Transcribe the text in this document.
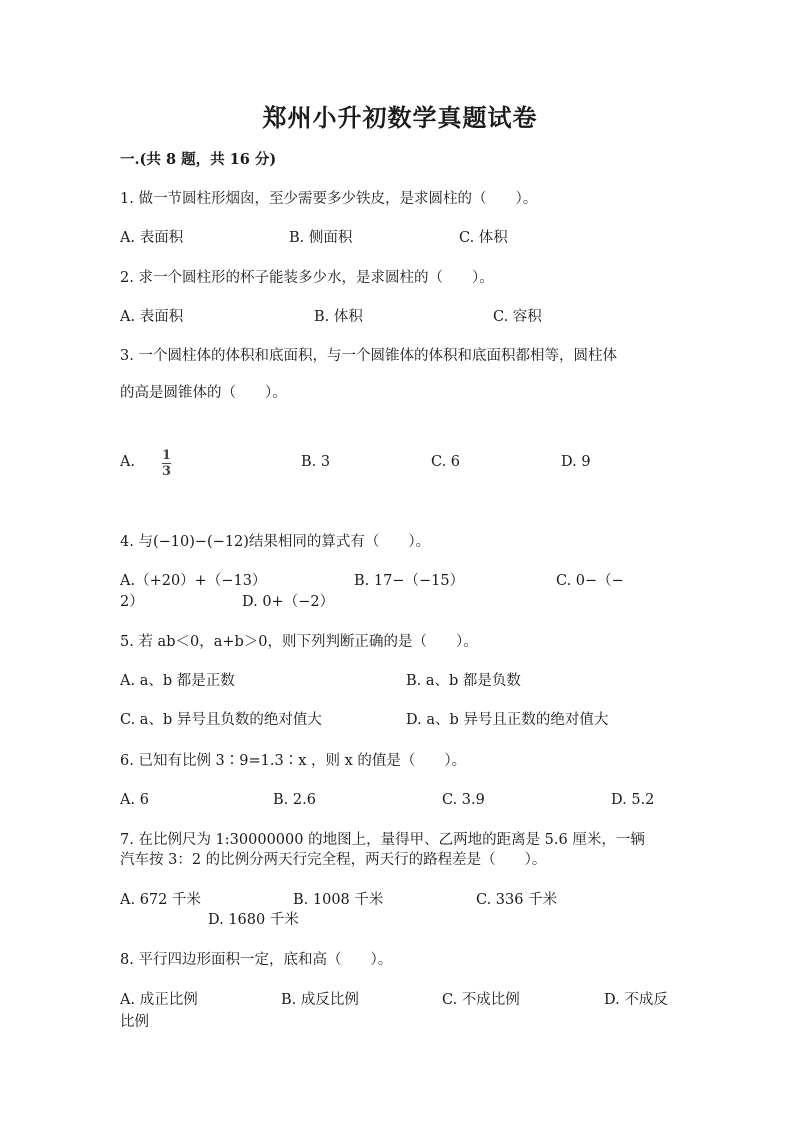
郑州小升初数学真题试卷
一.(共 8 题，共 16 分)
1. 做一节圆柱形烟囱，至少需要多少铁皮，是求圆柱的（　　）。
A. 表面积	B. 侧面积	C. 体积
2. 求一个圆柱形的杯子能装多少水，是求圆柱的（　　）。
A. 表面积	B. 体积	C. 容积
3. 一个圆柱体的体积和底面积，与一个圆锥体的体积和底面积都相等，圆柱体
的高是圆锥体的（　　）。
A. 1
3
B. 3	C. 6	D. 9
4. 与(−10)−(−12)结果相同的算式有（　　）。
A.（+20）+（−13）	B. 17−（−15）	C. 0−（−
2）	D. 0+（−2）
5. 若 ab＜0，a+b＞0，则下列判断正确的是（　　）。
A. a、b 都是正数	B. a、b 都是负数
C. a、b 异号且负数的绝对值大	D. a、b 异号且正数的绝对值大
6. 已知有比例 3∶9=1.3∶x ，则 x 的值是（　　）。
A. 6	B. 2.6	C. 3.9	D. 5.2
7. 在比例尺为 1:30000000 的地图上，量得甲、乙两地的距离是 5.6 厘米，一辆
汽车按 3：2 的比例分两天行完全程，两天行的路程差是（　　）。
A. 672 千米	B. 1008 千米	C. 336 千米
D. 1680 千米
8. 平行四边形面积一定，底和高（　　）。
A. 成正比例	B. 成反比例	C. 不成比例	D. 不成反
比例
